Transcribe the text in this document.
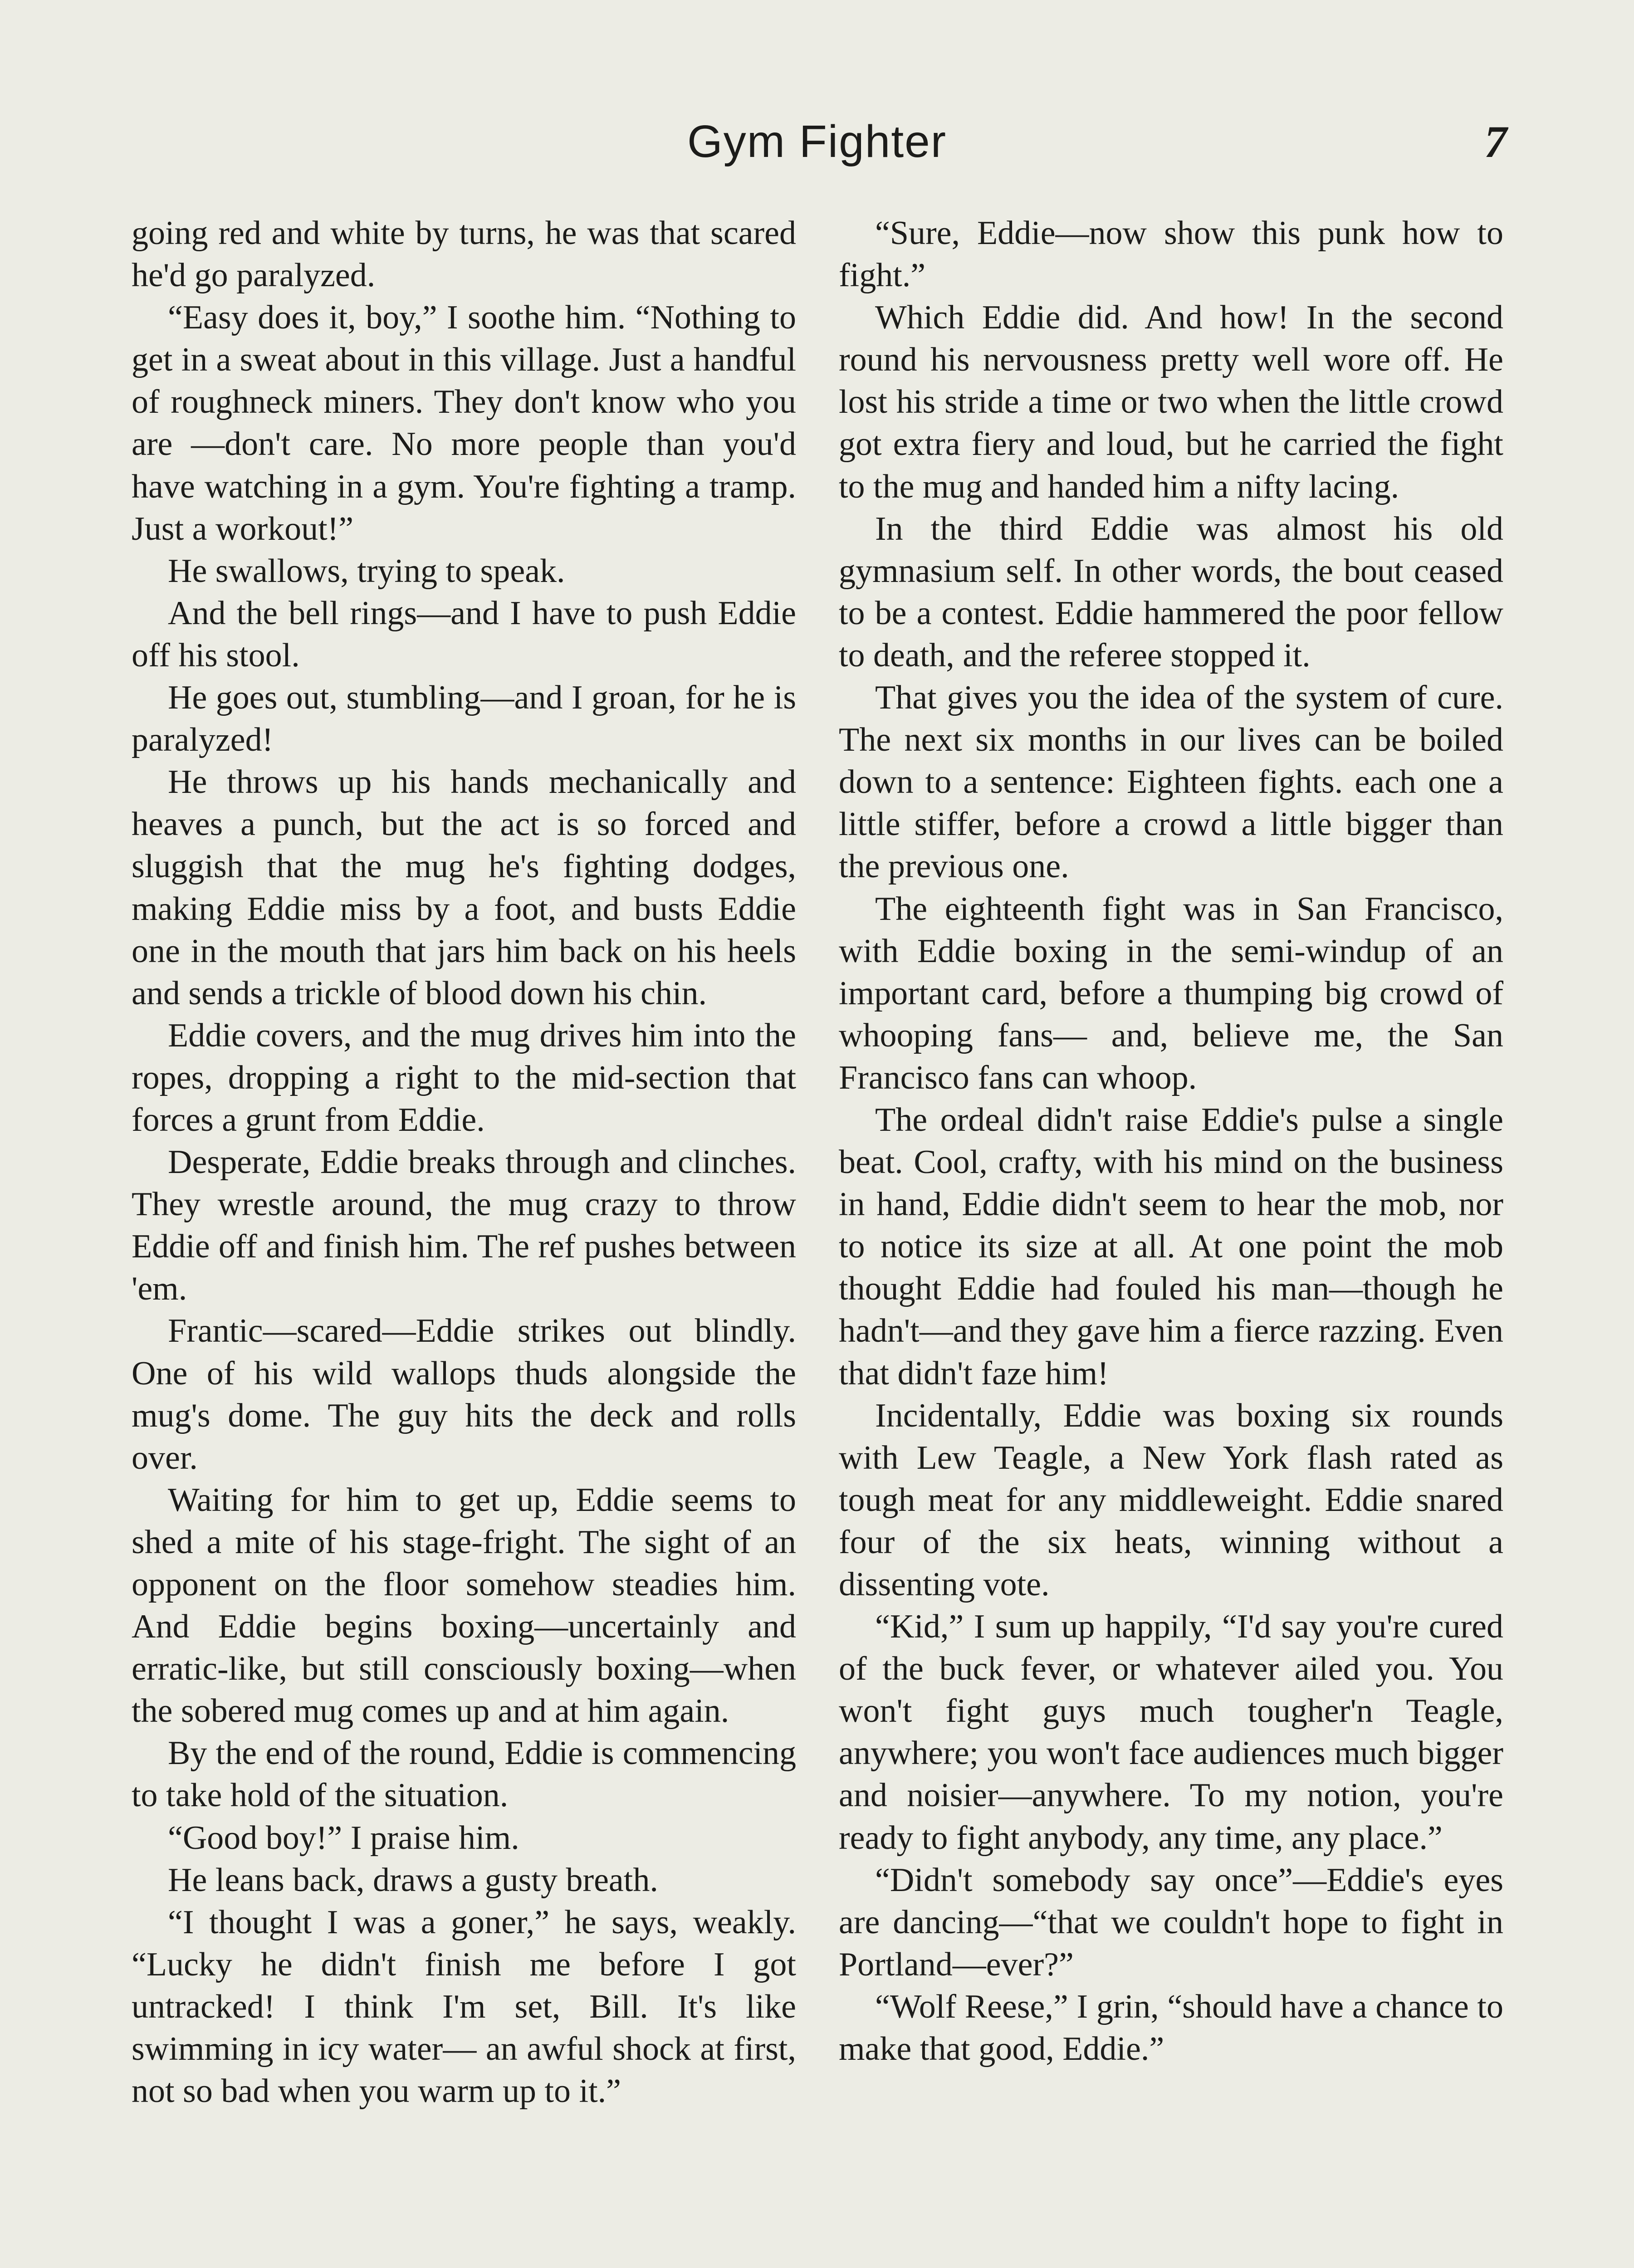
Gym Fighter	7

going red and white by turns, he was that scared he'd go paralyzed.

“Easy does it, boy,” I soothe him. “Nothing to get in a sweat about in this village. Just a handful of roughneck miners. They don't know who you are —don't care. No more people than you'd have watching in a gym. You're fighting a tramp. Just a workout!”

He swallows, trying to speak.

And the bell rings—and I have to push Eddie off his stool.

He goes out, stumbling—and I groan, for he is paralyzed!

He throws up his hands mechanically and heaves a punch, but the act is so forced and sluggish that the mug he's fighting dodges, making Eddie miss by a foot, and busts Eddie one in the mouth that jars him back on his heels and sends a trickle of blood down his chin.

Eddie covers, and the mug drives him into the ropes, dropping a right to the mid-section that forces a grunt from Eddie.

Desperate, Eddie breaks through and clinches. They wrestle around, the mug crazy to throw Eddie off and finish him. The ref pushes between 'em.

Frantic—scared—Eddie strikes out blindly. One of his wild wallops thuds alongside the mug's dome. The guy hits the deck and rolls over.

Waiting for him to get up, Eddie seems to shed a mite of his stage-fright. The sight of an opponent on the floor somehow steadies him. And Eddie begins boxing—uncertainly and erratic-like, but still consciously boxing—when the sobered mug comes up and at him again.

By the end of the round, Eddie is commencing to take hold of the situation.

“Good boy!” I praise him.

He leans back, draws a gusty breath.

“I thought I was a goner,” he says, weakly. “Lucky he didn't finish me before I got untracked! I think I'm set, Bill. It's like swimming in icy water— an awful shock at first, not so bad when you warm up to it.”

“Sure, Eddie—now show this punk how to fight.”

Which Eddie did. And how! In the second round his nervousness pretty well wore off. He lost his stride a time or two when the little crowd got extra fiery and loud, but he carried the fight to the mug and handed him a nifty lacing.

In the third Eddie was almost his old gymnasium self. In other words, the bout ceased to be a contest. Eddie hammered the poor fellow to death, and the referee stopped it.

That gives you the idea of the system of cure. The next six months in our lives can be boiled down to a sentence: Eighteen fights. each one a little stiffer, before a crowd a little bigger than the previous one.

The eighteenth fight was in San Francisco, with Eddie boxing in the semi-windup of an important card, before a thumping big crowd of whooping fans— and, believe me, the San Francisco fans can whoop.

The ordeal didn't raise Eddie's pulse a single beat. Cool, crafty, with his mind on the business in hand, Eddie didn't seem to hear the mob, nor to notice its size at all. At one point the mob thought Eddie had fouled his man—though he hadn't—and they gave him a fierce razzing. Even that didn't faze him!

Incidentally, Eddie was boxing six rounds with Lew Teagle, a New York flash rated as tough meat for any middleweight. Eddie snared four of the six heats, winning without a dissenting vote.

“Kid,” I sum up happily, “I'd say you're cured of the buck fever, or whatever ailed you. You won't fight guys much tougher'n Teagle, anywhere; you won't face audiences much bigger and noisier—anywhere. To my notion, you're ready to fight anybody, any time, any place.”

“Didn't somebody say once”—Eddie's eyes are dancing—“that we couldn't hope to fight in Portland—ever?”

“Wolf Reese,” I grin, “should have a chance to make that good, Eddie.”
